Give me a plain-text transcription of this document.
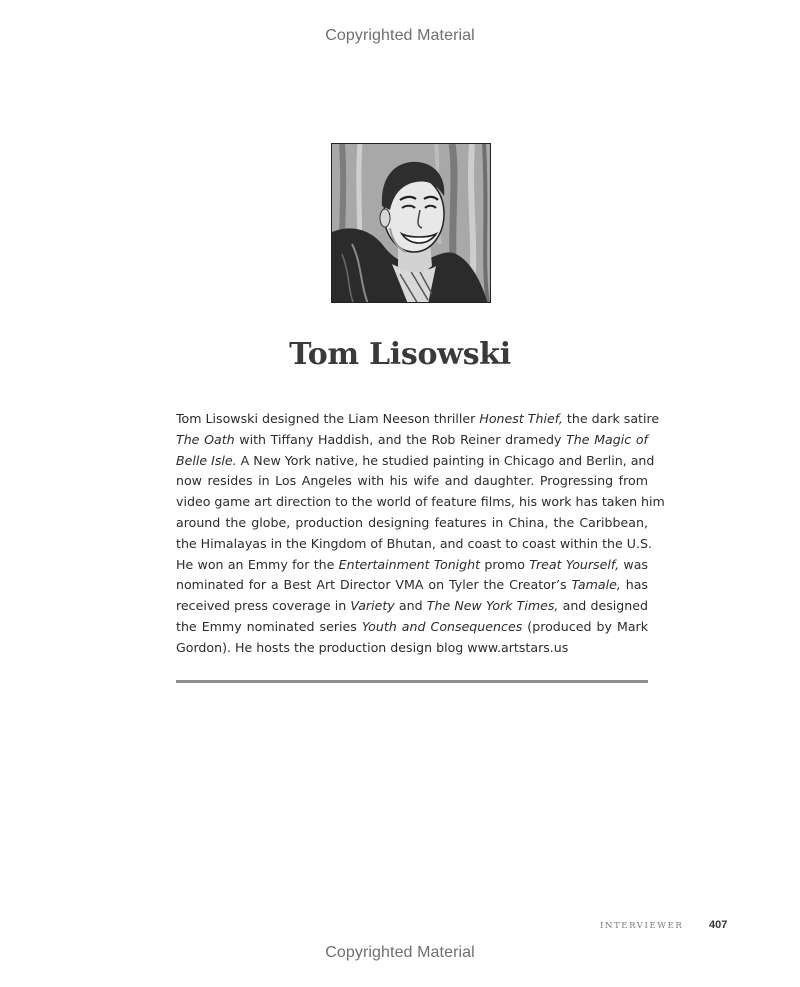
Copyrighted Material
Tom Lisowski
Tom Lisowski designed the Liam Neeson thriller Honest Thief, the dark satire
The Oath with Tiffany Haddish, and the Rob Reiner dramedy The Magic of
Belle Isle. A New York native, he studied painting in Chicago and Berlin, and
now resides in Los Angeles with his wife and daughter. Progressing from
video game art direction to the world of feature films, his work has taken him
around the globe, production designing features in China, the Caribbean,
the Himalayas in the Kingdom of Bhutan, and coast to coast within the U.S.
He won an Emmy for the Entertainment Tonight promo Treat Yourself, was
nominated for a Best Art Director VMA on Tyler the Creator’s Tamale, has
received press coverage in Variety and The New York Times, and designed
the Emmy nominated series Youth and Consequences (produced by Mark
Gordon). He hosts the production design blog www.artstars.us
INTERVIEWER 407
Copyrighted Material
